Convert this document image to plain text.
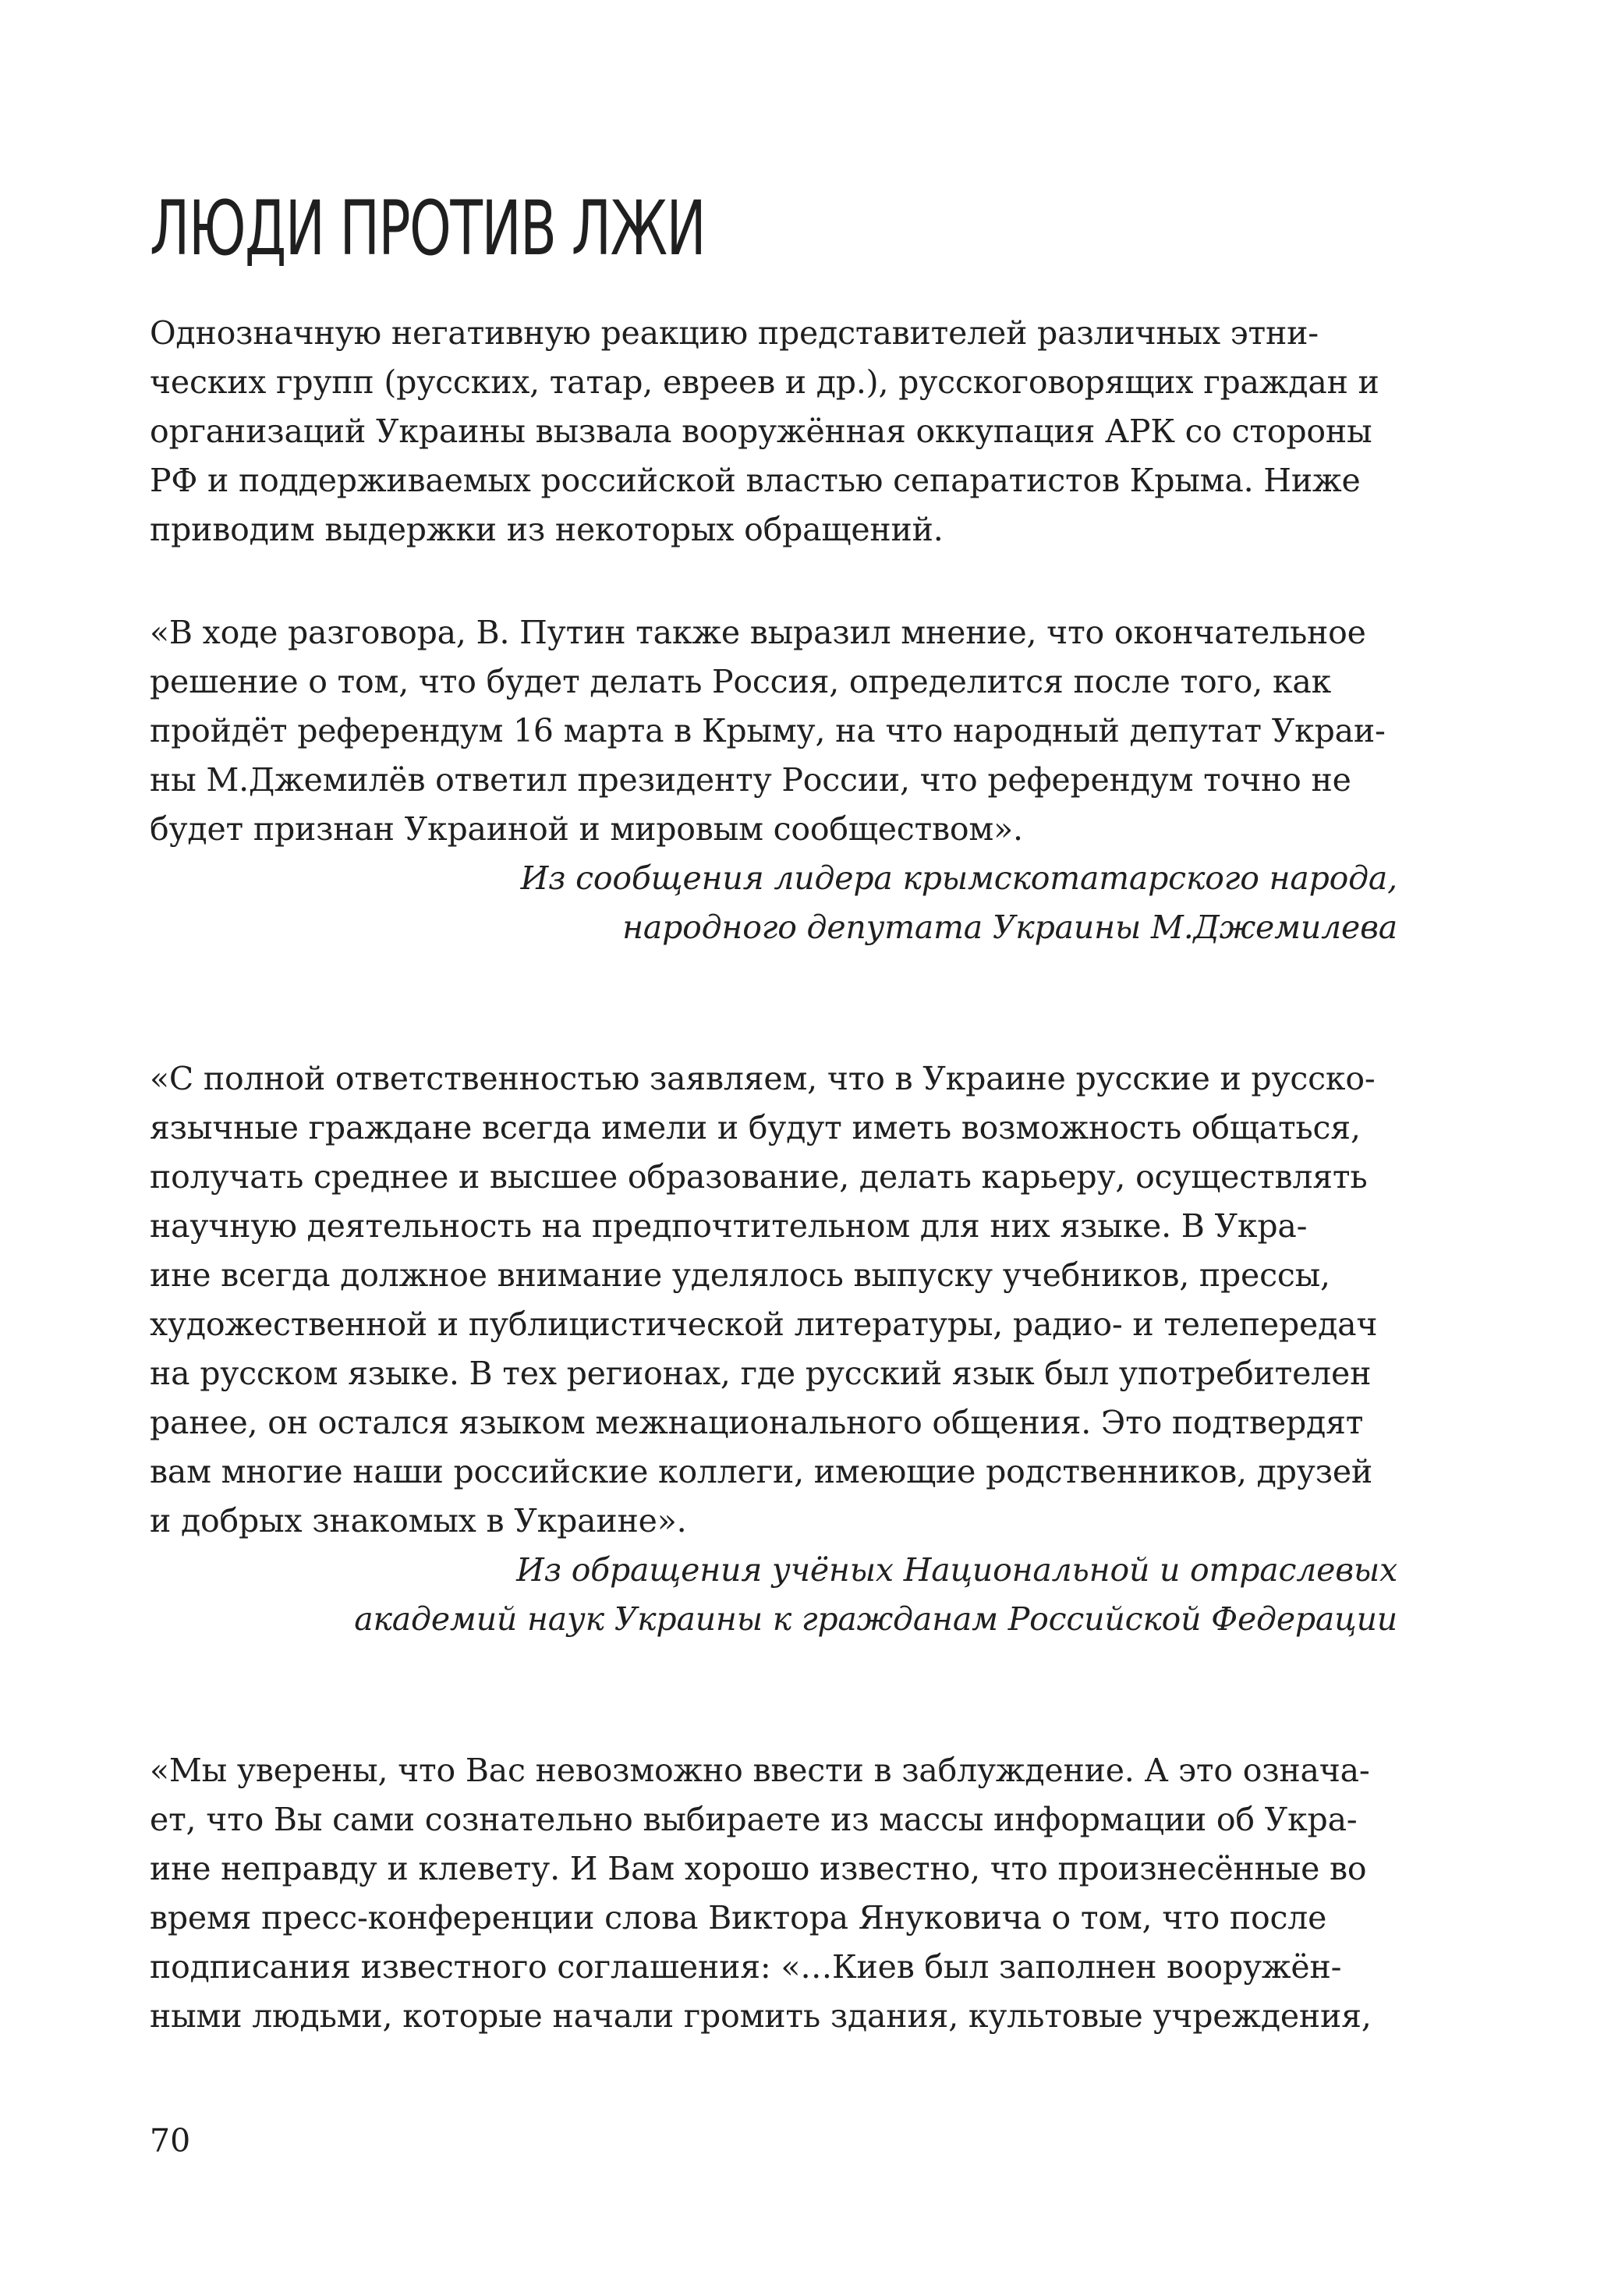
ЛЮДИ ПРОТИВ ЛЖИ

Однозначную негативную реакцию представителей различных этни-
ческих групп (русских, татар, евреев и др.), русскоговорящих граждан и
организаций Украины вызвала вооружённая оккупация АРК со стороны
РФ и поддерживаемых российской властью сепаратистов Крыма. Ниже
приводим выдержки из некоторых обращений.

«В ходе разговора, В. Путин также выразил мнение, что окончательное
решение о том, что будет делать Россия, определится после того, как
пройдёт референдум 16 марта в Крыму, на что народный депутат Украи-
ны М.Джемилёв ответил президенту России, что референдум точно не
будет признан Украиной и мировым сообществом».

Из сообщения лидера крымскотатарского народа,
народного депутата Украины М.Джемилева

«С полной ответственностью заявляем, что в Украине русские и русско-
язычные граждане всегда имели и будут иметь возможность общаться,
получать среднее и высшее образование, делать карьеру, осуществлять
научную деятельность на предпочтительном для них языке. В Укра-
ине всегда должное внимание уделялось выпуску учебников, прессы,
художественной и публицистической литературы, радио- и телепередач
на русском языке. В тех регионах, где русский язык был употребителен
ранее, он остался языком межнационального общения. Это подтвердят
вам многие наши российские коллеги, имеющие родственников, друзей
и добрых знакомых в Украине».

Из обращения учёных Национальной и отраслевых
академий наук Украины к гражданам Российской Федерации

«Мы уверены, что Вас невозможно ввести в заблуждение. А это означа-
ет, что Вы сами сознательно выбираете из массы информации об Укра-
ине неправду и клевету. И Вам хорошо известно, что произнесённые во
время пресс-конференции слова Виктора Януковича о том, что после
подписания известного соглашения: «…Киев был заполнен вооружён-
ными людьми, которые начали громить здания, культовые учреждения,

70
